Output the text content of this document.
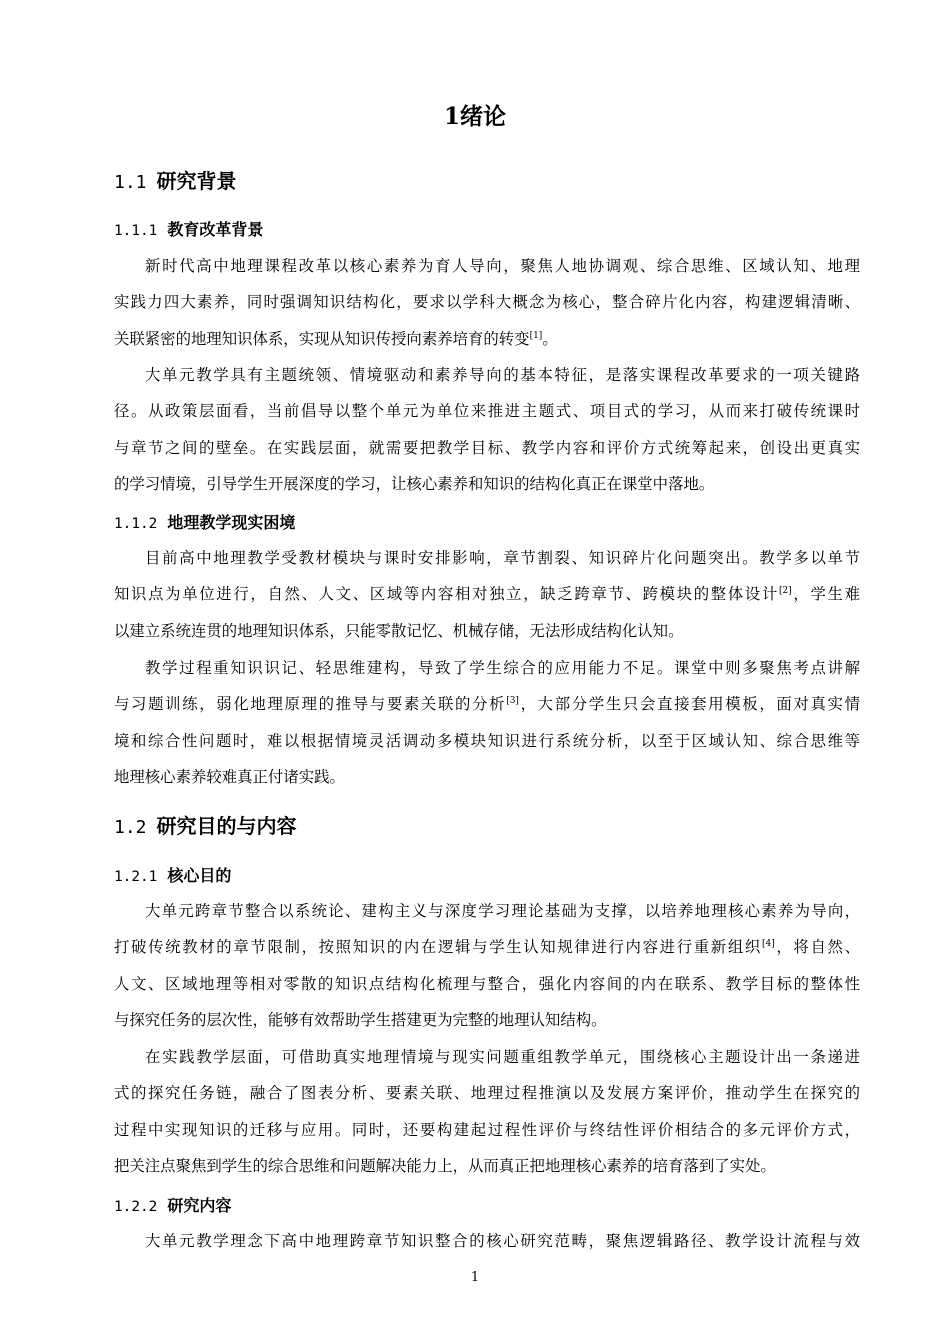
1绪论
1.1 研究背景
1.1.1 教育改革背景
新时代高中地理课程改革以核心素养为育人导向，聚焦人地协调观、综合思维、区域认知、地理
实践力四大素养，同时强调知识结构化，要求以学科大概念为核心，整合碎片化内容，构建逻辑清晰、
关联紧密的地理知识体系，实现从知识传授向素养培育的转变[1]。
大单元教学具有主题统领、情境驱动和素养导向的基本特征，是落实课程改革要求的一项关键路
径。从政策层面看，当前倡导以整个单元为单位来推进主题式、项目式的学习，从而来打破传统课时
与章节之间的壁垒。在实践层面，就需要把教学目标、教学内容和评价方式统筹起来，创设出更真实
的学习情境，引导学生开展深度的学习，让核心素养和知识的结构化真正在课堂中落地。
1.1.2 地理教学现实困境
目前高中地理教学受教材模块与课时安排影响，章节割裂、知识碎片化问题突出。教学多以单节
知识点为单位进行，自然、人文、区域等内容相对独立，缺乏跨章节、跨模块的整体设计[2]，学生难
以建立系统连贯的地理知识体系，只能零散记忆、机械存储，无法形成结构化认知。
教学过程重知识识记、轻思维建构，导致了学生综合的应用能力不足。课堂中则多聚焦考点讲解
与习题训练，弱化地理原理的推导与要素关联的分析[3]，大部分学生只会直接套用模板，面对真实情
境和综合性问题时，难以根据情境灵活调动多模块知识进行系统分析，以至于区域认知、综合思维等
地理核心素养较难真正付诸实践。
1.2 研究目的与内容
1.2.1 核心目的
大单元跨章节整合以系统论、建构主义与深度学习理论基础为支撑，以培养地理核心素养为导向，
打破传统教材的章节限制，按照知识的内在逻辑与学生认知规律进行内容进行重新组织[4]，将自然、
人文、区域地理等相对零散的知识点结构化梳理与整合，强化内容间的内在联系、教学目标的整体性
与探究任务的层次性，能够有效帮助学生搭建更为完整的地理认知结构。
在实践教学层面，可借助真实地理情境与现实问题重组教学单元，围绕核心主题设计出一条递进
式的探究任务链，融合了图表分析、要素关联、地理过程推演以及发展方案评价，推动学生在探究的
过程中实现知识的迁移与应用。同时，还要构建起过程性评价与终结性评价相结合的多元评价方式，
把关注点聚焦到学生的综合思维和问题解决能力上，从而真正把地理核心素养的培育落到了实处。
1.2.2 研究内容
大单元教学理念下高中地理跨章节知识整合的核心研究范畴，聚焦逻辑路径、教学设计流程与效
1
